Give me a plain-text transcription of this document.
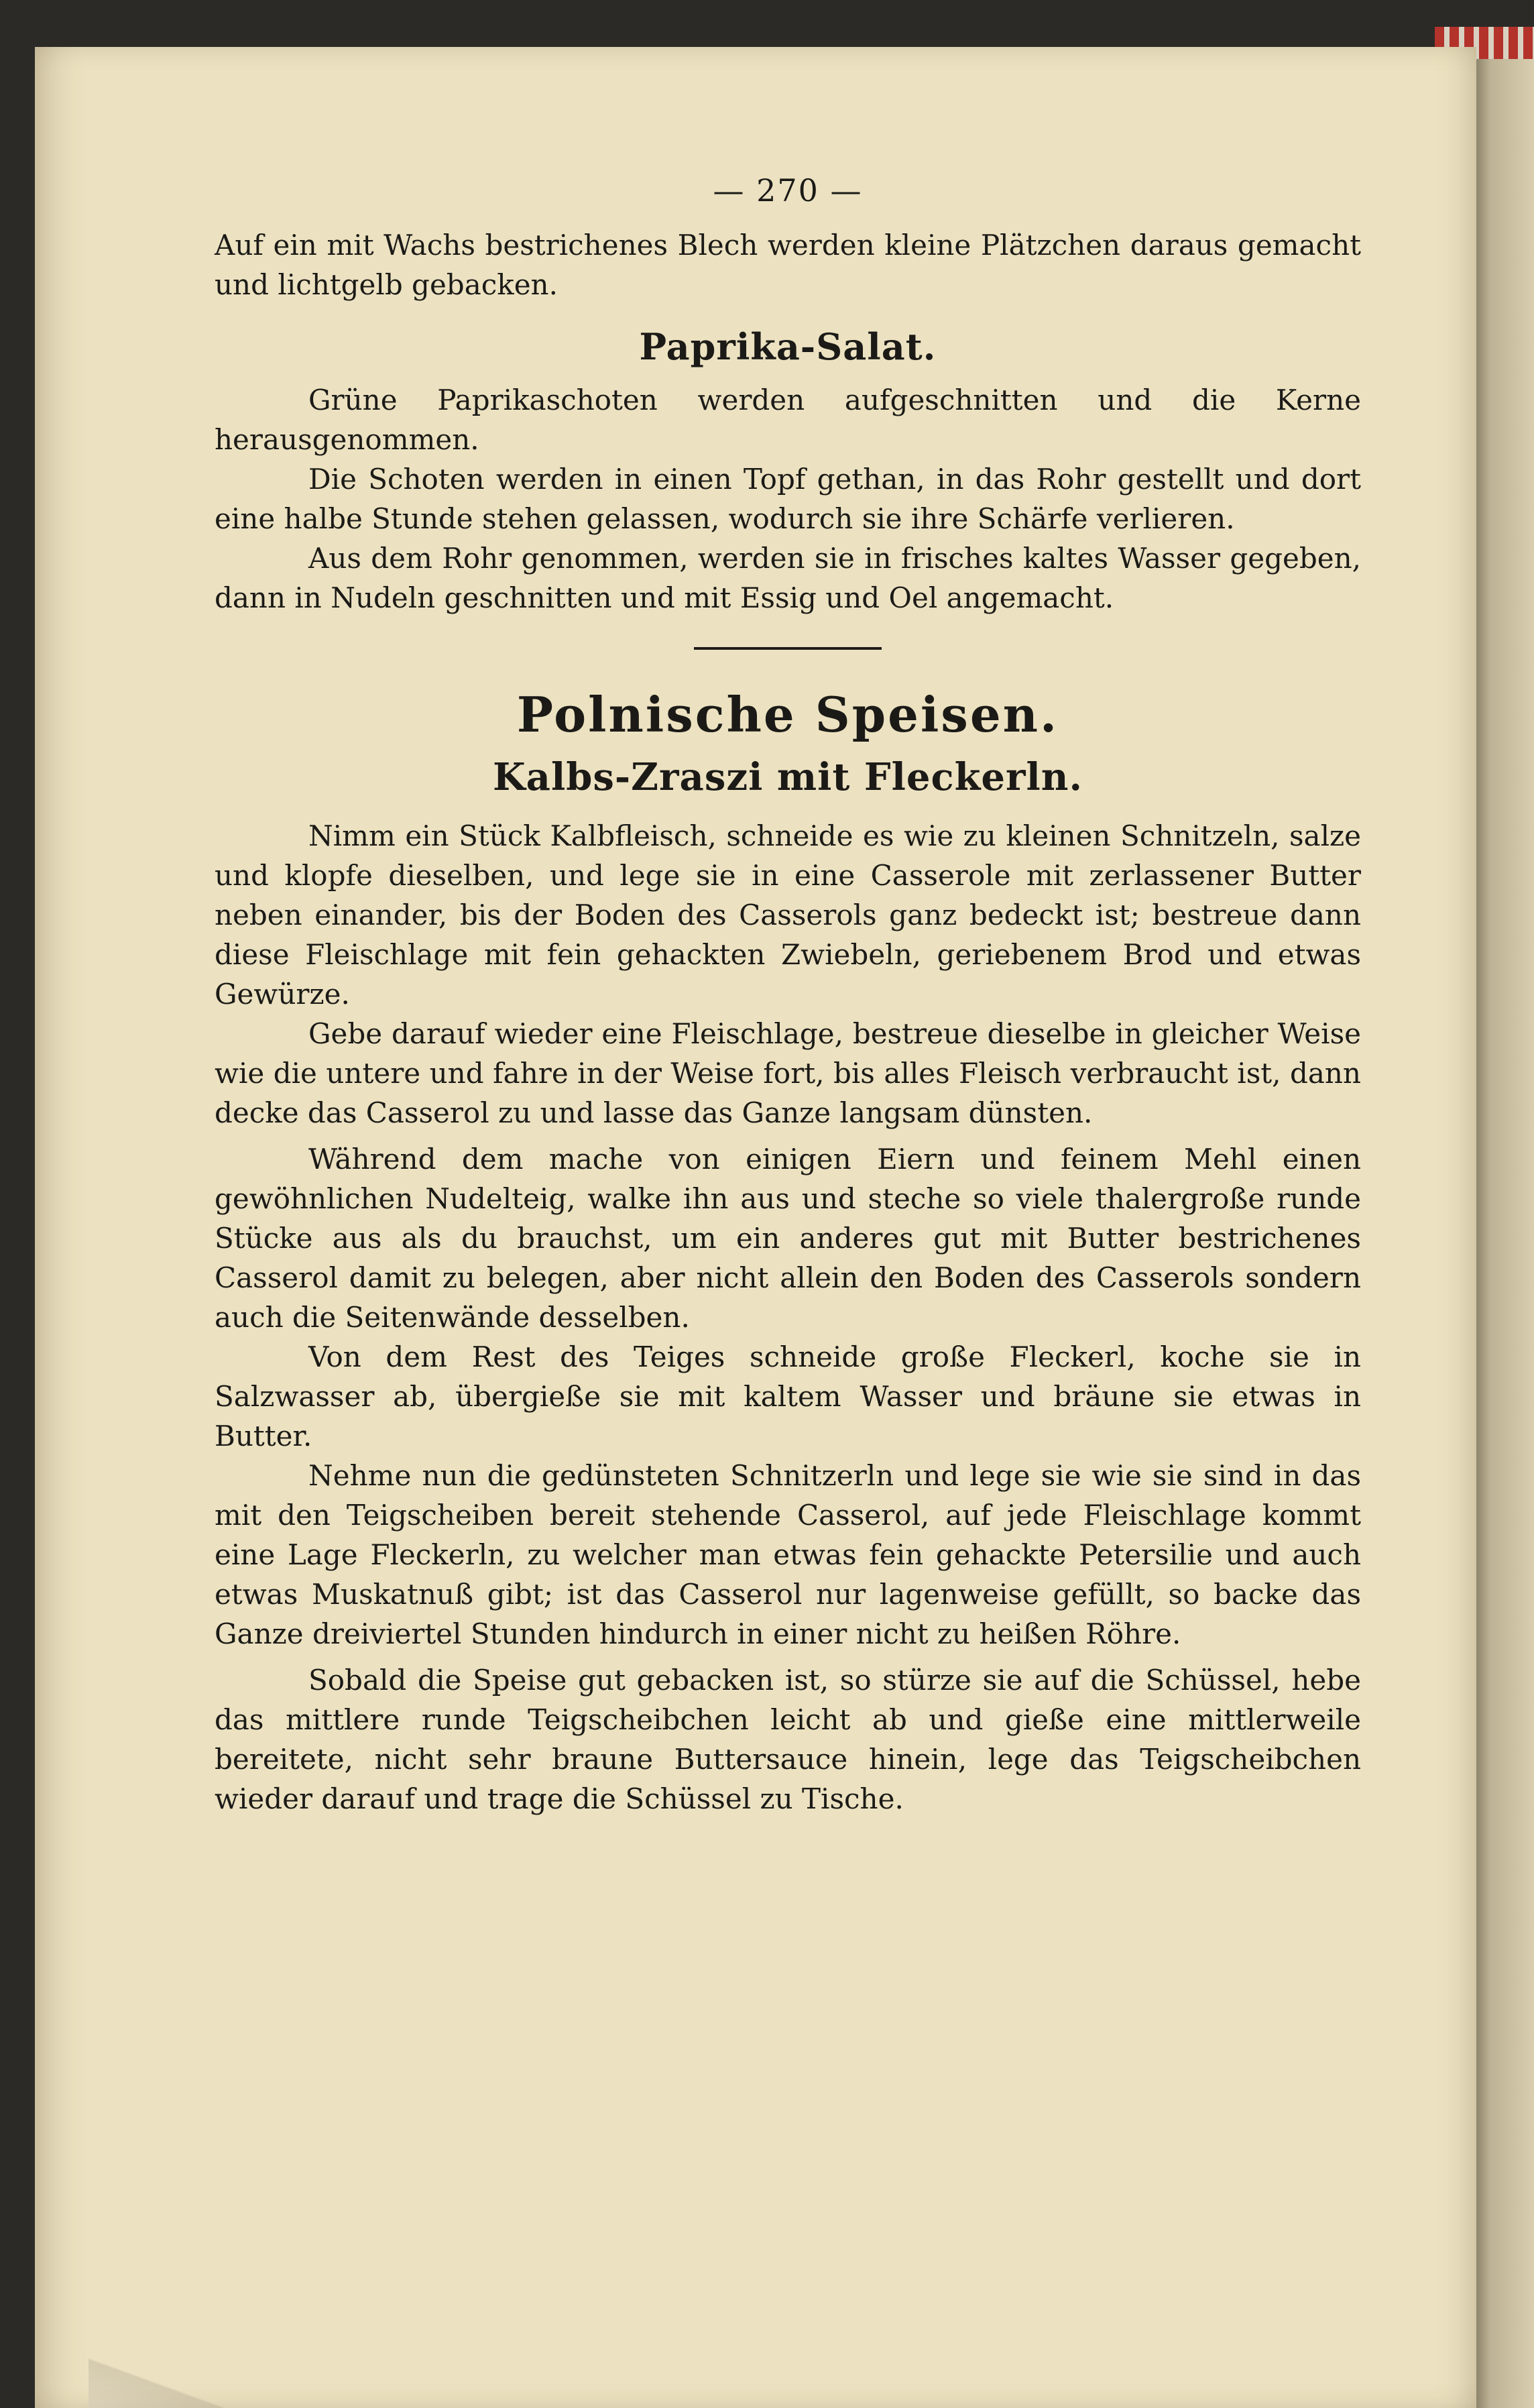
— 270 —

Auf ein mit Wachs bestrichenes Blech werden kleine Plätzchen daraus gemacht und lichtgelb gebacken.

Paprika-Salat.

Grüne Paprikaschoten werden aufgeschnitten und die Kerne herausgenommen.

Die Schoten werden in einen Topf gethan, in das Rohr gestellt und dort eine halbe Stunde stehen gelassen, wodurch sie ihre Schärfe verlieren.

Aus dem Rohr genommen, werden sie in frisches kaltes Wasser gegeben, dann in Nudeln geschnitten und mit Essig und Oel angemacht.

Polnische Speisen.
Kalbs-Zraszi mit Fleckerln.

Nimm ein Stück Kalbfleisch, schneide es wie zu kleinen Schnitzeln, salze und klopfe dieselben, und lege sie in eine Casserole mit zerlassener Butter neben einander, bis der Boden des Casserols ganz bedeckt ist; bestreue dann diese Fleischlage mit fein gehackten Zwiebeln, geriebenem Brod und etwas Gewürze.

Gebe darauf wieder eine Fleischlage, bestreue dieselbe in gleicher Weise wie die untere und fahre in der Weise fort, bis alles Fleisch verbraucht ist, dann decke das Casserol zu und lasse das Ganze langsam dünsten.

Während dem mache von einigen Eiern und feinem Mehl einen gewöhnlichen Nudelteig, walke ihn aus und steche so viele thalergroße runde Stücke aus als du brauchst, um ein anderes gut mit Butter bestrichenes Casserol damit zu belegen, aber nicht allein den Boden des Casserols sondern auch die Seitenwände desselben.

Von dem Rest des Teiges schneide große Fleckerl, koche sie in Salzwasser ab, übergieße sie mit kaltem Wasser und bräune sie etwas in Butter.

Nehme nun die gedünsteten Schnitzerln und lege sie wie sie sind in das mit den Teigscheiben bereit stehende Casserol, auf jede Fleischlage kommt eine Lage Fleckerln, zu welcher man etwas fein gehackte Petersilie und auch etwas Muskatnuß gibt; ist das Casserol nur lagenweise gefüllt, so backe das Ganze dreiviertel Stunden hindurch in einer nicht zu heißen Röhre.

Sobald die Speise gut gebacken ist, so stürze sie auf die Schüssel, hebe das mittlere runde Teigscheibchen leicht ab und gieße eine mittlerweile bereitete, nicht sehr braune Buttersauce hinein, lege das Teigscheibchen wieder darauf und trage die Schüssel zu Tische.
